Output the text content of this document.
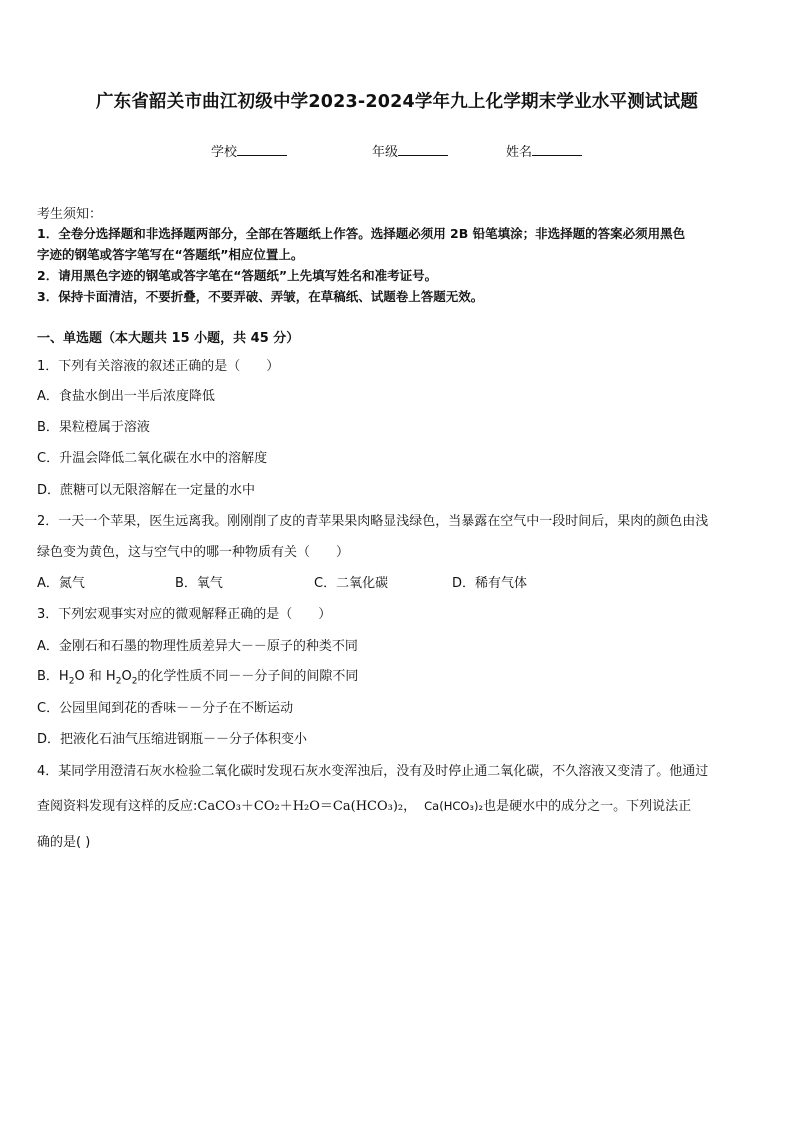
广东省韶关市曲江初级中学2023-2024学年九上化学期末学业水平测试试题
学校	年级	姓名
考生须知：
1．全卷分选择题和非选择题两部分，全部在答题纸上作答。选择题必须用 2B 铅笔填涂；非选择题的答案必须用黑色
字迹的钢笔或答字笔写在“答题纸”相应位置上。
2．请用黑色字迹的钢笔或答字笔在“答题纸”上先填写姓名和准考证号。
3．保持卡面清洁，不要折叠，不要弄破、弄皱，在草稿纸、试题卷上答题无效。
一、单选题（本大题共 15 小题，共 45 分）
1．下列有关溶液的叙述正确的是（　　）
A．食盐水倒出一半后浓度降低
B．果粒橙属于溶液
C．升温会降低二氧化碳在水中的溶解度
D．蔗糖可以无限溶解在一定量的水中
2．一天一个苹果，医生远离我。刚刚削了皮的青苹果果肉略显浅绿色，当暴露在空气中一段时间后，果肉的颜色由浅
绿色变为黄色，这与空气中的哪一种物质有关（　　）
A．氮气	B．氧气	C．二氧化碳	D．稀有气体
3．下列宏观事实对应的微观解释正确的是（　　）
A．金刚石和石墨的物理性质差异大－－原子的种类不同
B．$H_2O$ 和 $H_2O_2$的化学性质不同－－分子间的间隙不同
C．公园里闻到花的香味－－分子在不断运动
D．把液化石油气压缩进钢瓶－－分子体积变小
4．某同学用澄清石灰水检验二氧化碳时发现石灰水变浑浊后，没有及时停止通二氧化碳，不久溶液又变清了。他通过
查阅资料发现有这样的反应:CaCO₃＋CO₂＋H₂O＝Ca(HCO₃)₂， Ca(HCO₃)₂也是硬水中的成分之一。下列说法正
确的是( )
